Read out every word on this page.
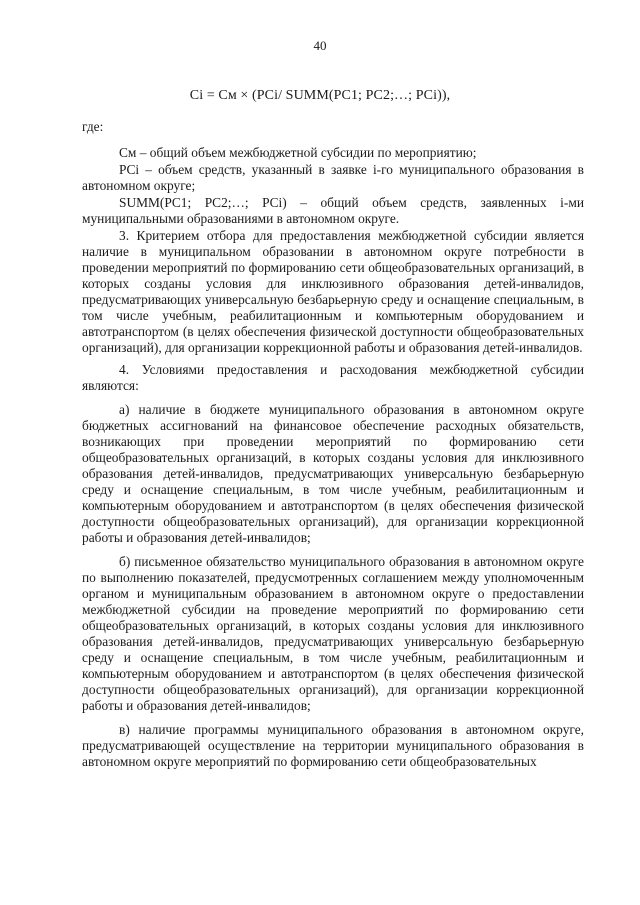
40
Ci = См × (PCi/ SUMM(PC1; PC2;…; PCi)),

где:

См – общий объем межбюджетной субсидии по мероприятию;

PCi – объем средств, указанный в заявке i-го муниципального образования в автономном округе;

SUMM(PC1; PC2;…; PCi) – общий объем средств, заявленных i-ми муниципальными образованиями в автономном округе.

3. Критерием отбора для предоставления межбюджетной субсидии является наличие в муниципальном образовании в автономном округе потребности в проведении мероприятий по формированию сети общеобразовательных организаций, в которых созданы условия для инклюзивного образования детей-инвалидов, предусматривающих универсальную безбарьерную среду и оснащение специальным, в том числе учебным, реабилитационным и компьютерным оборудованием и автотранспортом (в целях обеспечения физической доступности общеобразовательных организаций), для организации коррекционной работы и образования детей-инвалидов.

4. Условиями предоставления и расходования межбюджетной субсидии являются:

а) наличие в бюджете муниципального образования в автономном округе бюджетных ассигнований на финансовое обеспечение расходных обязательств, возникающих при проведении мероприятий по формированию сети общеобразовательных организаций, в которых созданы условия для инклюзивного образования детей-инвалидов, предусматривающих универсальную безбарьерную среду и оснащение специальным, в том числе учебным, реабилитационным и компьютерным оборудованием и автотранспортом (в целях обеспечения физической доступности общеобразовательных организаций), для организации коррекционной работы и образования детей-инвалидов;

б) письменное обязательство муниципального образования в автономном округе по выполнению показателей, предусмотренных соглашением между уполномоченным органом и муниципальным образованием в автономном округе о предоставлении межбюджетной субсидии на проведение мероприятий по формированию сети общеобразовательных организаций, в которых созданы условия для инклюзивного образования детей-инвалидов, предусматривающих универсальную безбарьерную среду и оснащение специальным, в том числе учебным, реабилитационным и компьютерным оборудованием и автотранспортом (в целях обеспечения физической доступности общеобразовательных организаций), для организации коррекционной работы и образования детей-инвалидов;

в) наличие программы муниципального образования в автономном округе, предусматривающей осуществление на территории муниципального образования в автономном округе мероприятий по формированию сети общеобразовательных
